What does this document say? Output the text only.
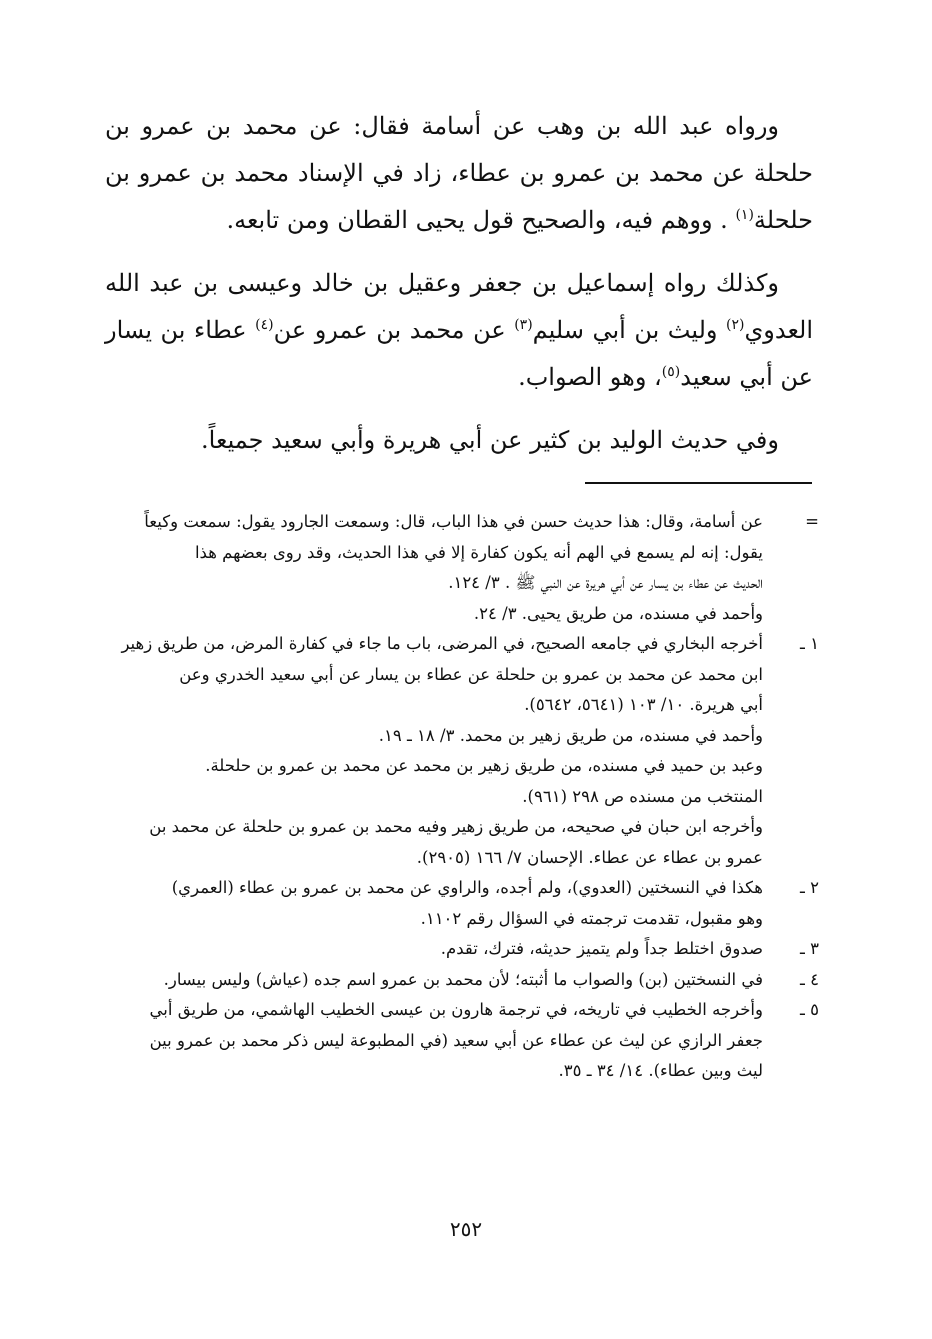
ورواه عبد الله بن وهب عن أسامة فقال: عن محمد بن عمرو بن حلحلة عن محمد بن عمرو بن عطاء، زاد في الإسناد محمد بن عمرو بن حلحلة$^{(١)}$ . ووهم فيه، والصحيح قول يحيى القطان ومن تابعه.

وكذلك رواه إسماعيل بن جعفر وعقيل بن خالد وعيسى بن عبد الله العدوي$^{(٢)}$ وليث بن أبي سليم$^{(٣)}$ عن محمد بن عمرو عن$^{(٤)}$ عطاء بن يسار عن أبي سعيد$^{(٥)}$، وهو الصواب.

وفي حديث الوليد بن كثير عن أبي هريرة وأبي سعيد جميعاً.

=
عن أسامة، وقال: هذا حديث حسن في هذا الباب، قال: وسمعت الجارود يقول: سمعت وكيعاً
يقول: إنه لم يسمع في الهم أنه يكون كفارة إلا في هذا الحديث، وقد روى بعضهم هذا
الحديث عن عطاء بن يسار عن أبي هريرة عن النبي ﷺ . ٣/ ١٢٤.
وأحمد في مسنده، من طريق يحيى. ٣/ ٢٤.
١ ـ
أخرجه البخاري في جامعه الصحيح، في المرضى، باب ما جاء في كفارة المرض، من طريق زهير
ابن محمد عن محمد بن عمرو بن حلحلة عن عطاء بن يسار عن أبي سعيد الخدري وعن
أبي هريرة. ١٠/ ١٠٣ (٥٦٤١، ٥٦٤٢).
وأحمد في مسنده، من طريق زهير بن محمد. ٣/ ١٨ ـ ١٩.
وعبد بن حميد في مسنده، من طريق زهير بن محمد عن محمد بن عمرو بن حلحلة.
المنتخب من مسنده ص ٢٩٨ (٩٦١).
وأخرجه ابن حبان في صحيحه، من طريق زهير وفيه محمد بن عمرو بن حلحلة عن محمد بن
عمرو بن عطاء عن عطاء. الإحسان ٧/ ١٦٦ (٢٩٠٥).
٢ ـ
هكذا في النسختين (العدوي)، ولم أجده، والراوي عن محمد بن عمرو بن عطاء (العمري)
وهو مقبول، تقدمت ترجمته في السؤال رقم ١١٠٢.
٣ ـ
صدوق اختلط جداً ولم يتميز حديثه، فترك، تقدم.
٤ ـ
في النسختين (بن) والصواب ما أثبته؛ لأن محمد بن عمرو اسم جده (عياش) وليس بيسار.
٥ ـ
وأخرجه الخطيب في تاريخه، في ترجمة هارون بن عيسى الخطيب الهاشمي، من طريق أبي
جعفر الرازي عن ليث عن عطاء عن أبي سعيد (في المطبوعة ليس ذكر محمد بن عمرو بين
ليث وبين عطاء). ١٤/ ٣٤ ـ ٣٥.
٢٥٢
